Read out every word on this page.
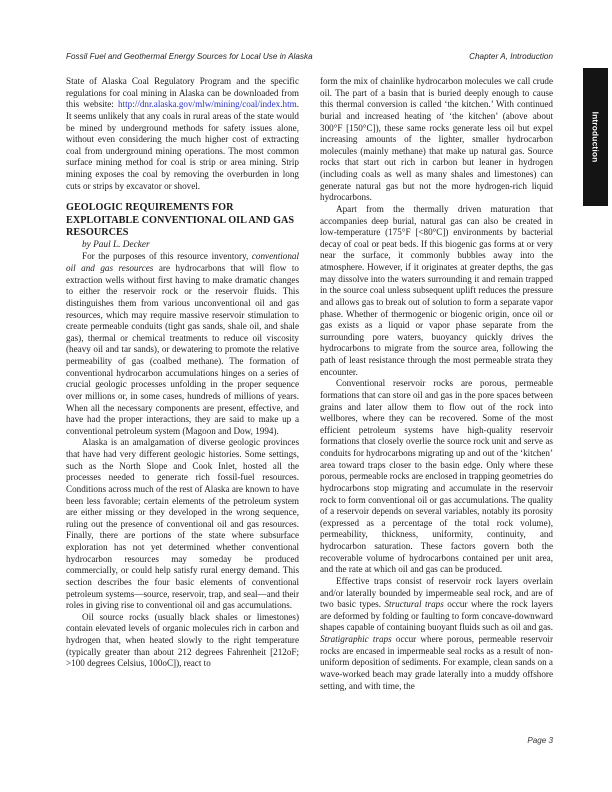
Fossil Fuel and Geothermal Energy Sources for Local Use in Alaska	Chapter A, Introduction

State of Alaska Coal Regulatory Program and the specific regulations for coal mining in Alaska can be downloaded from this website: http://dnr.alaska.gov/mlw/mining/coal/index.htm. It seems unlikely that any coals in rural areas of the state would be mined by underground methods for safety issues alone, without even considering the much higher cost of extracting coal from underground mining operations. The most common surface mining method for coal is strip or area mining. Strip mining exposes the coal by removing the overburden in long cuts or strips by excavator or shovel.

GEOLOGIC REQUIREMENTS FOR EXPLOITABLE CONVENTIONAL OIL AND GAS RESOURCES

by Paul L. Decker

For the purposes of this resource inventory, conventional oil and gas resources are hydrocarbons that will flow to extraction wells without first having to make dramatic changes to either the reservoir rock or the reservoir fluids. This distinguishes them from various unconventional oil and gas resources, which may require massive reservoir stimulation to create permeable conduits (tight gas sands, shale oil, and shale gas), thermal or chemical treatments to reduce oil viscosity (heavy oil and tar sands), or dewatering to promote the relative permeability of gas (coalbed methane). The formation of conventional hydrocarbon accumulations hinges on a series of crucial geologic processes unfolding in the proper sequence over millions or, in some cases, hundreds of millions of years. When all the necessary components are present, effective, and have had the proper interactions, they are said to make up a conventional petroleum system (Magoon and Dow, 1994).

Alaska is an amalgamation of diverse geologic provinces that have had very different geologic histories. Some settings, such as the North Slope and Cook Inlet, hosted all the processes needed to generate rich fossil-fuel resources. Conditions across much of the rest of Alaska are known to have been less favorable; certain elements of the petroleum system are either missing or they developed in the wrong sequence, ruling out the presence of conventional oil and gas resources. Finally, there are portions of the state where subsurface exploration has not yet determined whether conventional hydrocarbon resources may someday be produced commercially, or could help satisfy rural energy demand. This section describes the four basic elements of conventional petroleum systems—source, reservoir, trap, and seal—and their roles in giving rise to conventional oil and gas accumulations.

Oil source rocks (usually black shales or limestones) contain elevated levels of organic molecules rich in carbon and hydrogen that, when heated slowly to the right temperature (typically greater than about 212 degrees Fahrenheit [212oF; >100 degrees Celsius, 100oC]), react to

form the mix of chainlike hydrocarbon molecules we call crude oil. The part of a basin that is buried deeply enough to cause this thermal conversion is called ‘the kitchen.’ With continued burial and increased heating of ‘the kitchen’ (above about 300°F [150°C]), these same rocks generate less oil but expel increasing amounts of the lighter, smaller hydrocarbon molecules (mainly methane) that make up natural gas. Source rocks that start out rich in carbon but leaner in hydrogen (including coals as well as many shales and limestones) can generate natural gas but not the more hydrogen-rich liquid hydrocarbons.

Apart from the thermally driven maturation that accompanies deep burial, natural gas can also be created in low-temperature (175°F [<80°C]) environments by bacterial decay of coal or peat beds. If this biogenic gas forms at or very near the surface, it commonly bubbles away into the atmosphere. However, if it originates at greater depths, the gas may dissolve into the waters surrounding it and remain trapped in the source coal unless subsequent uplift reduces the pressure and allows gas to break out of solution to form a separate vapor phase. Whether of thermogenic or biogenic origin, once oil or gas exists as a liquid or vapor phase separate from the surrounding pore waters, buoyancy quickly drives the hydrocarbons to migrate from the source area, following the path of least resistance through the most permeable strata they encounter.

Conventional reservoir rocks are porous, permeable formations that can store oil and gas in the pore spaces between grains and later allow them to flow out of the rock into wellbores, where they can be recovered. Some of the most efficient petroleum systems have high-quality reservoir formations that closely overlie the source rock unit and serve as conduits for hydrocarbons migrating up and out of the ‘kitchen’ area toward traps closer to the basin edge. Only where these porous, permeable rocks are enclosed in trapping geometries do hydrocarbons stop migrating and accumulate in the reservoir rock to form conventional oil or gas accumulations. The quality of a reservoir depends on several variables, notably its porosity (expressed as a percentage of the total rock volume), permeability, thickness, uniformity, continuity, and hydrocarbon saturation. These factors govern both the recoverable volume of hydrocarbons contained per unit area, and the rate at which oil and gas can be produced.

Effective traps consist of reservoir rock layers overlain and/or laterally bounded by impermeable seal rock, and are of two basic types. Structural traps occur where the rock layers are deformed by folding or faulting to form concave-downward shapes capable of containing buoyant fluids such as oil and gas. Stratigraphic traps occur where porous, permeable reservoir rocks are encased in impermeable seal rocks as a result of non-uniform deposition of sediments. For example, clean sands on a wave-worked beach may grade laterally into a muddy offshore setting, and with time, the

Introduction
Page 3
